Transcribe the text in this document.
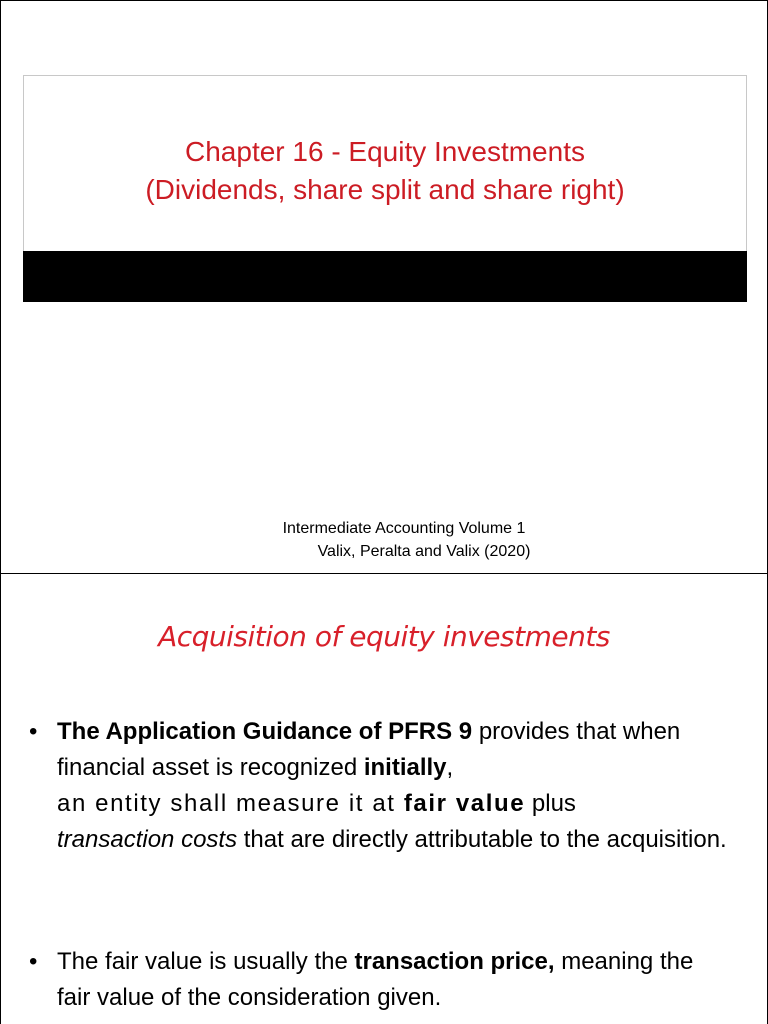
Chapter 16 - Equity Investments
(Dividends, share split and share right)
Intermediate Accounting Volume 1
Valix, Peralta and Valix (2020)
Acquisition of equity investments
• The Application Guidance of PFRS 9 provides that when financial asset is recognized initially,
an entity shall measure it at fair value plus
transaction costs that are directly attributable to the acquisition.
• The fair value is usually the transaction price, meaning the fair value of the consideration given.
